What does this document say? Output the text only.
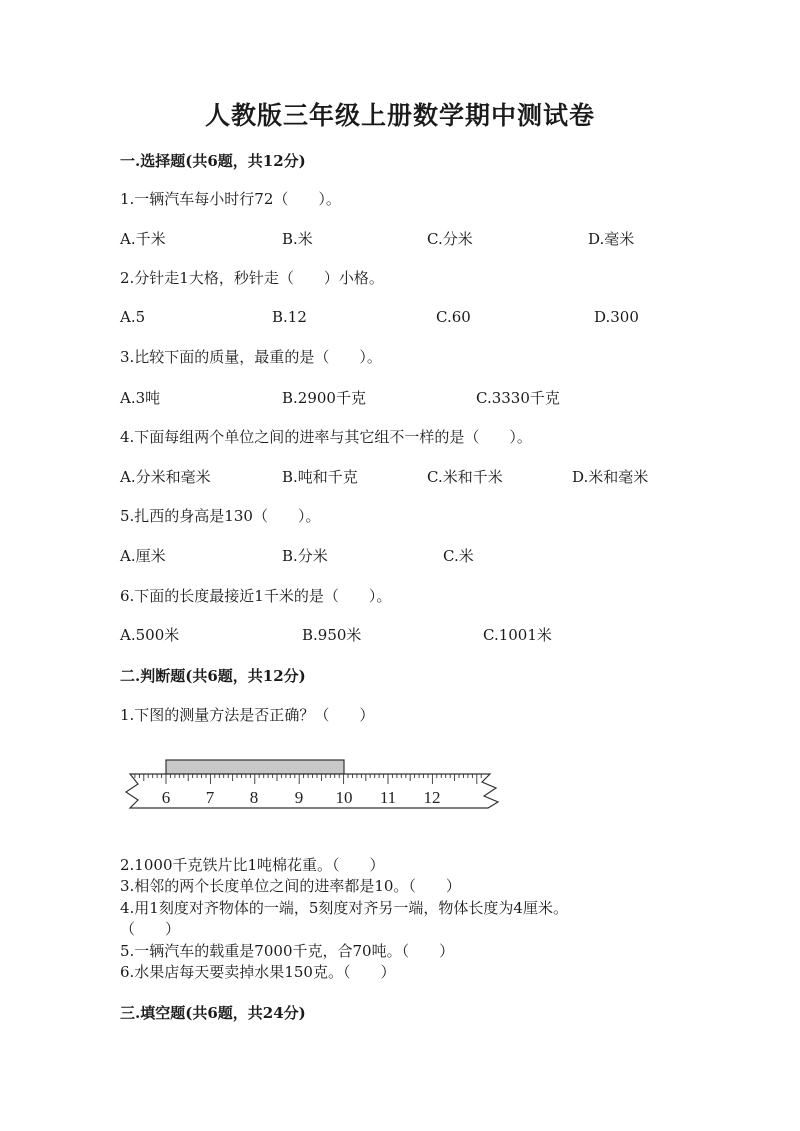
人教版三年级上册数学期中测试卷
一.选择题(共6题，共12分)
1.一辆汽车每小时行72（　　）。
A.千米	B.米	C.分米	D.毫米
2.分针走1大格，秒针走（　　）小格。
A.5	B.12	C.60	D.300
3.比较下面的质量，最重的是（　　）。
A.3吨	B.2900千克	C.3330千克
4.下面每组两个单位之间的进率与其它组不一样的是（　　）。
A.分米和毫米	B.吨和千克	C.米和千米	D.米和毫米
5.扎西的身高是130（　　）。
A.厘米	B.分米	C.米
6.下面的长度最接近1千米的是（　　）。
A.500米	B.950米	C.1001米
二.判断题(共6题，共12分)
1.下图的测量方法是否正确？（　　）
6 7 8 9 10 11 12
2.1000千克铁片比1吨棉花重。（　　）
3.相邻的两个长度单位之间的进率都是10。（　　）
4.用1刻度对齐物体的一端，5刻度对齐另一端，物体长度为4厘米。
（　　）
5.一辆汽车的载重是7000千克，合70吨。（　　）
6.水果店每天要卖掉水果150克。（　　）
三.填空题(共6题，共24分)
